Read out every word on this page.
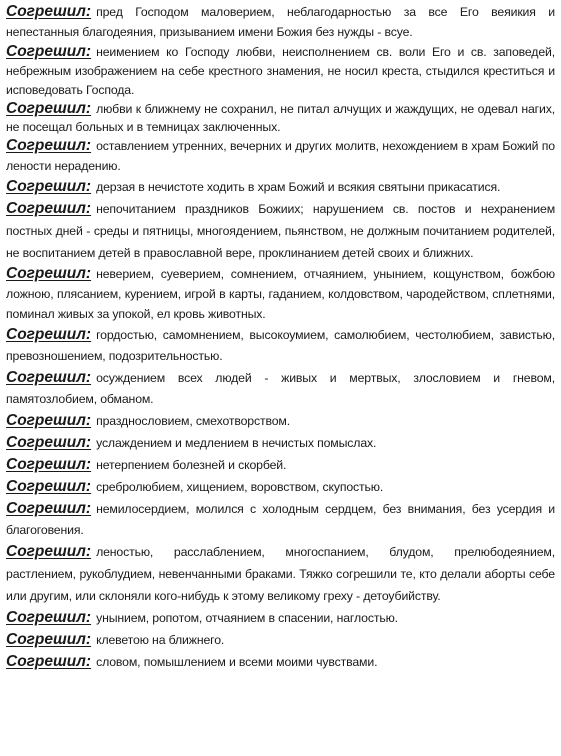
Согрешил: пред Господом маловерием, неблагодарностью за все Его веяикия и непестанныя благодеяния, призыванием имени Божия без нужды - всуе.

Согрешил: неимением ко Господу любви, неисполнением св. воли Его и св. заповедей, небрежным изображением на себе крестного знамения, не носил креста, стыдился креститься и исповедовать Господа.

Согрешил: любви к ближнему не сохранил, не питал алчущих и жаждущих, не одевал нагих, не посещал больных и в темницах заключенных.

Согрешил: оставлением утренних, вечерних и других молитв, нехождением в храм Божий по лености нерадению.

Согрешил: дерзая в нечистоте ходить в храм Божий и всякия святыни прикасатися.

Согрешил: непочитанием праздников Божиих; нарушением св. постов и нехранением постных дней - среды и пятницы, многоядением, пьянством, не должным почитанием родителей, не воспитанием детей в православной вере, проклинанием детей своих и ближних.

Согрешил: неверием, суеверием, сомнением, отчаянием, унынием, кощунством, божбою ложною, плясанием, курением, игрой в карты, гаданием, колдовством, чародейством, сплетнями, поминал живых за упокой, ел кровь животных.

Согрешил: гордостью, самомнением, высокоумием, самолюбием, честолюбием, завистью, превозношением, подозрительностью.

Согрешил: осуждением всех людей - живых и мертвых, злословием и гневом, памятозлобием, обманом.

Согрешил: празднословием, смехотворством.

Согрешил: услаждением и медлением в нечистых помыслах.

Согрешил: нетерпением болезней и скорбей.

Согрешил: сребролюбием, хищением, воровством, скупостью.

Согрешил: немилосердием, молился с холодным сердцем, без внимания, без усердия и благоговения.

Согрешил: леностью, расслаблением, многоспанием, блудом, прелюбодеянием, растлением, рукоблудием, невенчанными браками. Тяжко согрешили те, кто делали аборты себе или другим, или склоняли кого-нибудь к этому великому греху - детоубийству.

Согрешил: унынием, ропотом, отчаянием в спасении, наглостью.

Согрешил: клеветою на ближнего.

Согрешил: словом, помышлением и всеми моими чувствами.
